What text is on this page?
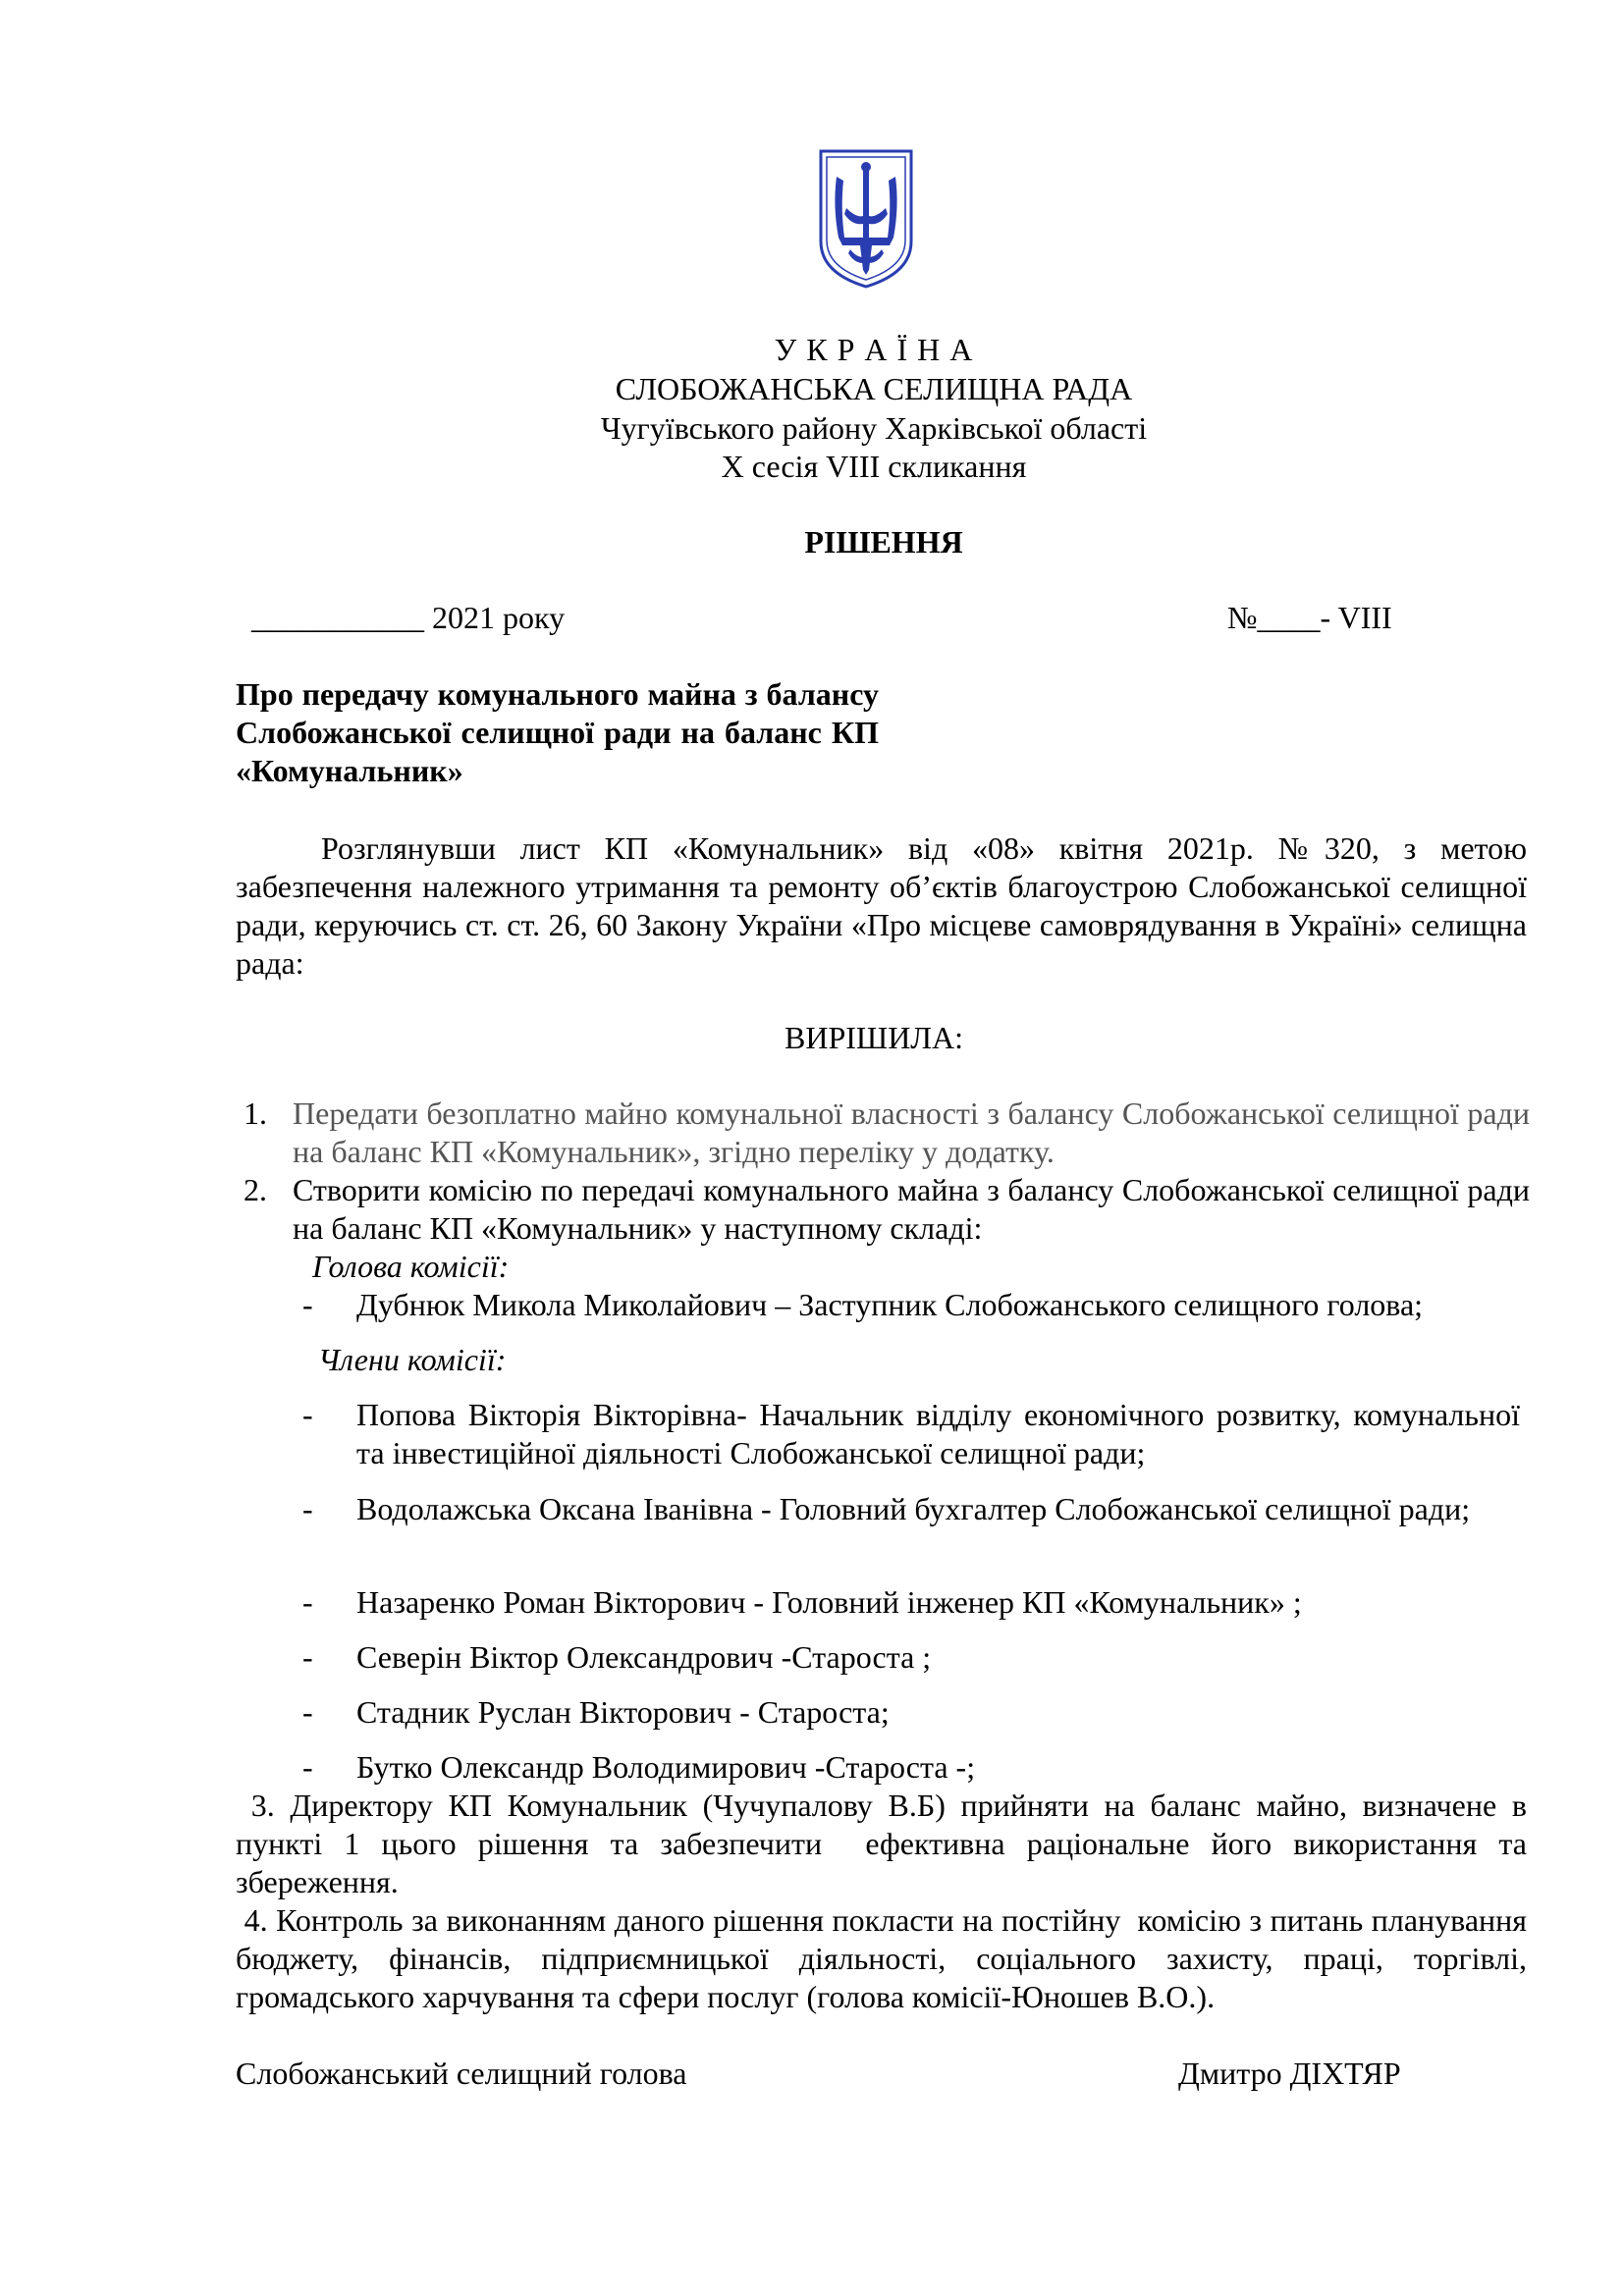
У К Р А Ї Н А

СЛОБОЖАНСЬКА СЕЛИЩНА РАДА

Чугуївського району Харківської області

Х сесія VIII скликання

РІШЕННЯ

___________ 2021 року	№____- VIII

Про передачу комунального майна з балансу Слобожанської селищної ради на баланс КП «Комунальник»

Розглянувши лист КП «Комунальник» від «08» квітня 2021р. №320, з метою забезпечення належного утримання та ремонту об’єктів благоустрою Слобожанської селищної ради, керуючись ст. ст. 26, 60 Закону України «Про місцеве самоврядування в Україні» селищна рада:

ВИРІШИЛА:

1. Передати безоплатно майно комунальної власності з балансу Слобожанської селищної ради на баланс КП «Комунальник», згідно переліку у додатку.
2. Створити комісію по передачі комунального майна з балансу Слобожанської селищної ради на баланс КП «Комунальник» у наступному складі:

Голова комісії:

- Дубнюк Микола Миколайович – Заступник Слобожанського селищного голова;

Члени комісії:

- Попова Вікторія Вікторівна- Начальник відділу економічного розвитку, комунальної та інвестиційної діяльності Слобожанської селищної ради;
- Водолажська Оксана Іванівна - Головний бухгалтер Слобожанської селищної ради;
- Назаренко Роман Вікторович - Головний інженер КП «Комунальник» ;
- Северін Віктор Олександрович -Староста ;
- Стадник Руслан Вікторович - Староста;
- Бутко Олександр Володимирович -Староста -;

3. Директору КП Комунальник (Чучупалову В.Б) прийняти на баланс майно, визначене в пункті 1 цього рішення та забезпечити  ефективна раціональне його використання та збереження.

4. Контроль за виконанням даного рішення покласти на постійну  комісію з питань планування бюджету, фінансів, підприємницької діяльності, соціального захисту, праці, торгівлі, громадського харчування та сфери послуг (голова комісії-Юношев В.О.).

Слобожанський селищний голова	Дмитро ДІХТЯР
